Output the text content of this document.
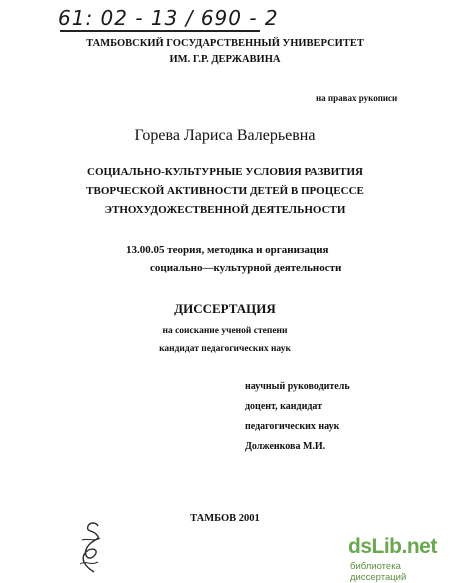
61: 02 - 13 / 690 - 2
ТАМБОВСКИЙ ГОСУДАРСТВЕННЫЙ УНИВЕРСИТЕТ
ИМ. Г.Р. ДЕРЖАВИНА
на правах рукописи
Горева Лариса Валерьевна
СОЦИАЛЬНО-КУЛЬТУРНЫЕ УСЛОВИЯ РАЗВИТИЯ
ТВОРЧЕСКОЙ АКТИВНОСТИ ДЕТЕЙ В ПРОЦЕССЕ
ЭТНОХУДОЖЕСТВЕННОЙ ДЕЯТЕЛЬНОСТИ
13.00.05 теория, методика и организация
социально—культурной деятельности
ДИССЕРТАЦИЯ
на соискание ученой степени
кандидат педагогических наук
научный руководитель
доцент, кандидат
педагогических наук
Долженкова М.И.
ТАМБОВ 2001
dsLib.net
библиотека диссертаций
